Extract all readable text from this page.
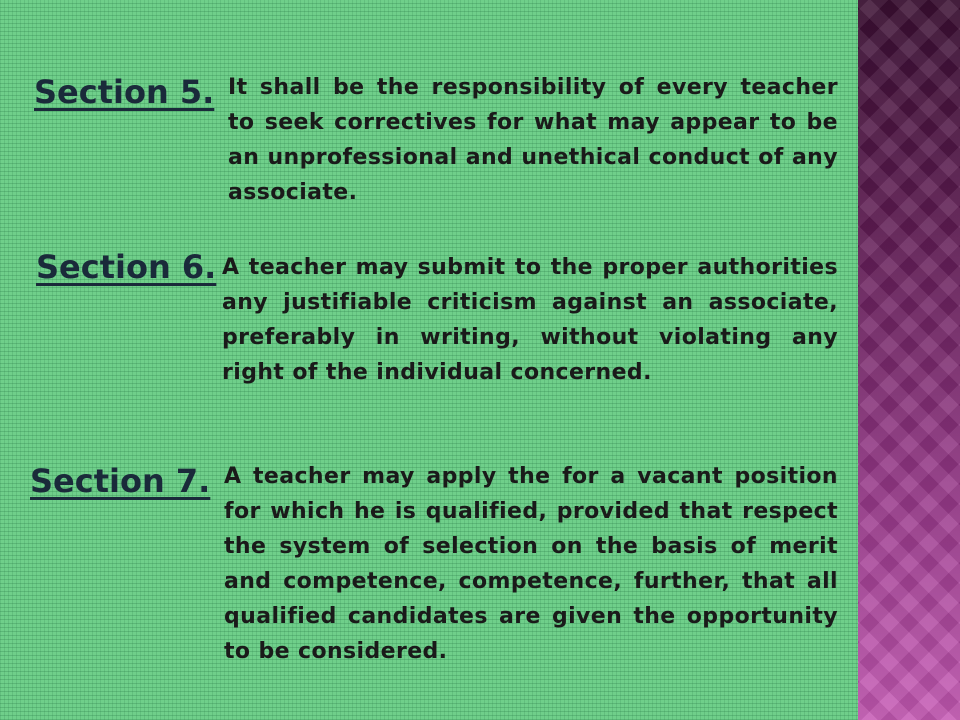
Section 5. It shall be the responsibility of every teacher to seek correctives for what may appear to be an unprofessional and unethical conduct of any associate.

Section 6. A teacher may submit to the proper authorities any justifiable criticism against an associate, preferably in writing, without violating any right of the individual concerned.

Section 7. A teacher may apply the for a vacant position for which he is qualified, provided that respect the system of selection on the basis of merit and competence, competence, further, that all qualified candidates are given the opportunity to be considered.
